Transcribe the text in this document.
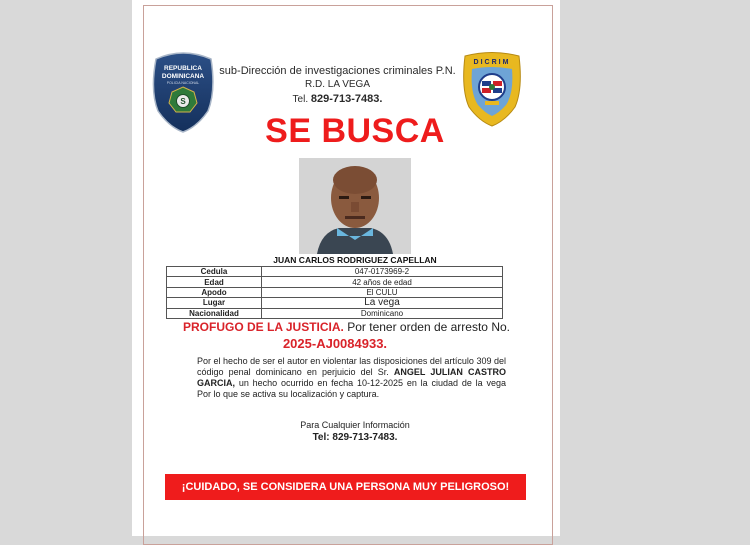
REPUBLICA
DOMINICANA
POLICIA NACIONAL
S
sub-Dirección de investigaciones criminales P.N.
R.D. LA VEGA
Tel. 829-713-7483.
DICRIM
SE BUSCA
JUAN CARLOS RODRIGUEZ CAPELLAN
Cedula	047-0173969-2
Edad	42 años de edad
Apodo	El CULU
Lugar	La vega
Nacionalidad	Dominicano
PROFUGO DE LA JUSTICIA. Por tener orden de arresto No.
2025-AJ0084933.
Por el hecho de ser el autor en violentar las disposiciones del artículo 309 del código penal dominicano en perjuicio del Sr. ANGEL JULIAN CASTRO GARCIA, un hecho ocurrido en fecha 10-12-2025 en la ciudad de la vega Por lo que se activa su localización y captura.
Para Cualquier Información
Tel: 829-713-7483.
¡CUIDADO, SE CONSIDERA UNA PERSONA MUY PELIGROSO!
